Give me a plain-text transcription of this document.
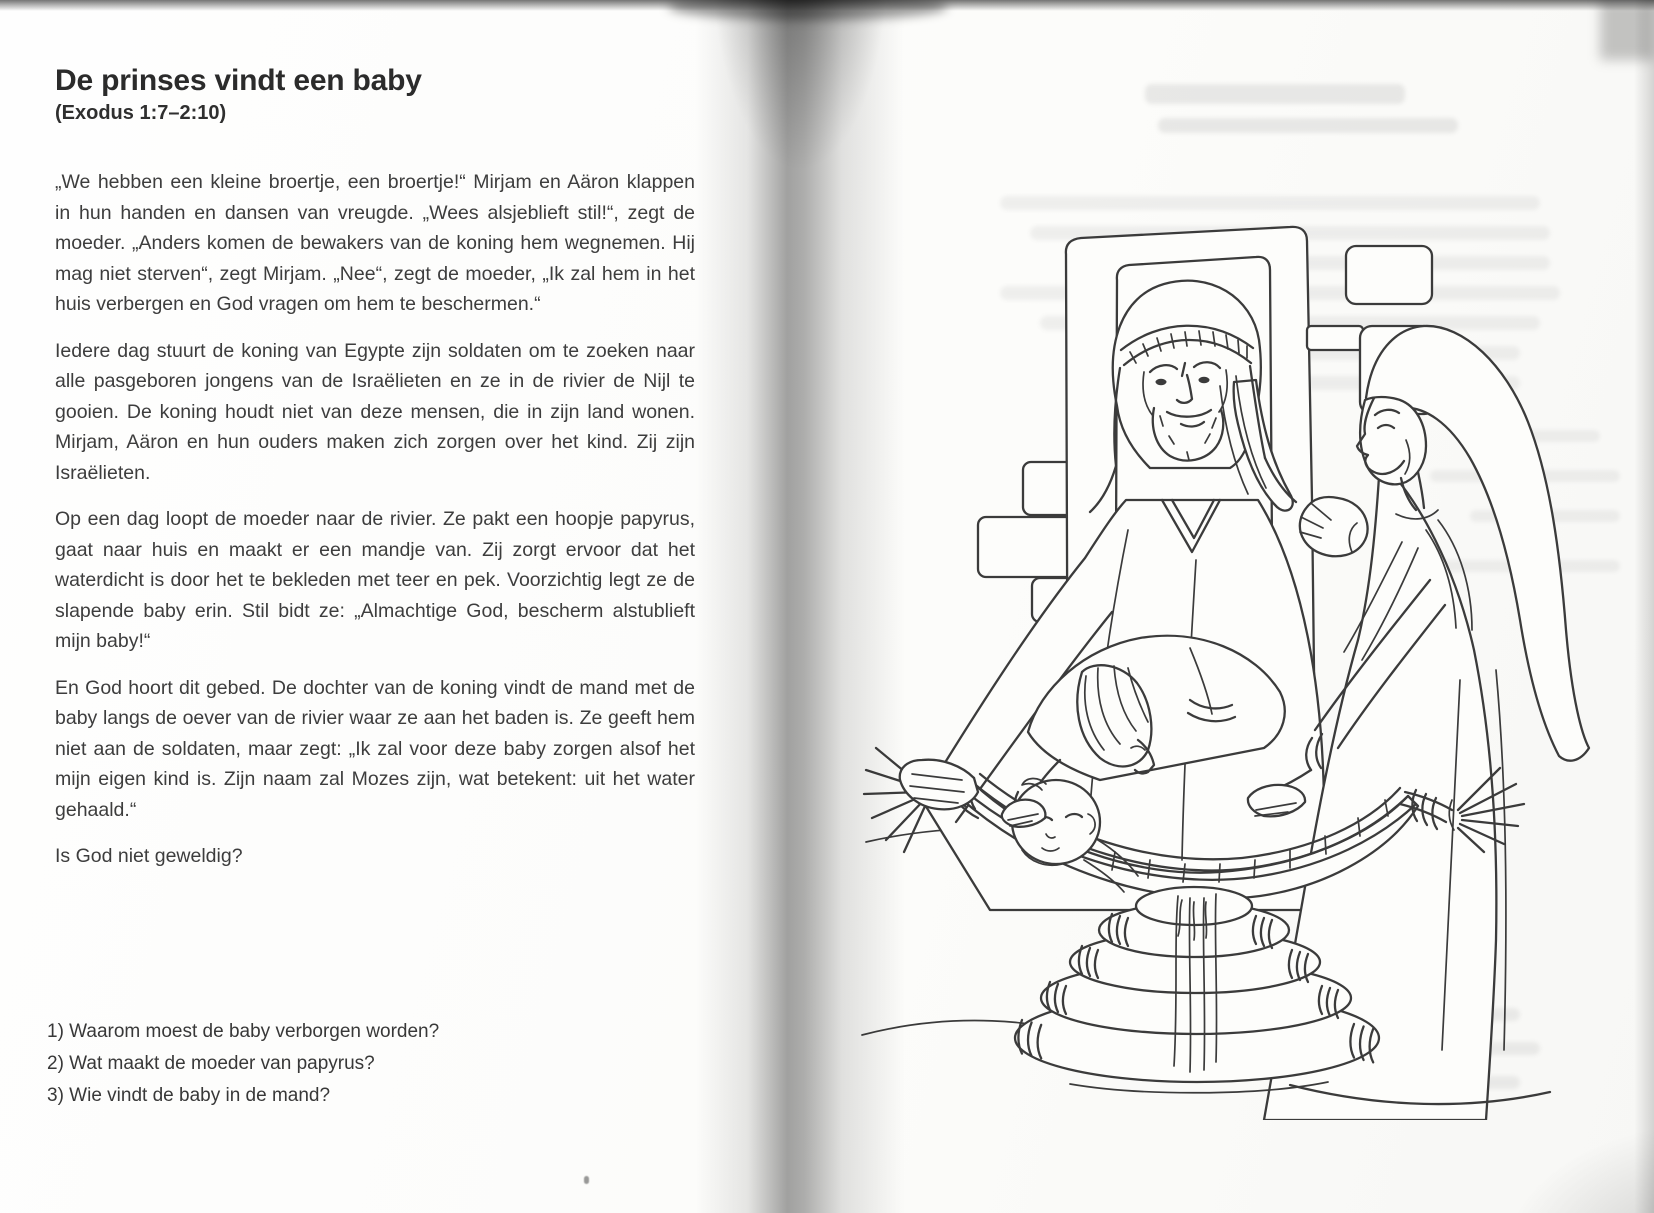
De prinses vindt een baby

(Exodus 1:7–2:10)

„We hebben een kleine broertje, een broertje!“ Mirjam en Aäron klappen in hun handen en dansen van vreugde. „Wees alsjeblieft stil!“, zegt de moeder. „Anders komen de bewakers van de koning hem wegnemen. Hij mag niet sterven“, zegt Mirjam. „Nee“, zegt de moeder, „Ik zal hem in het huis verbergen en God vragen om hem te beschermen.“

Iedere dag stuurt de koning van Egypte zijn soldaten om te zoeken naar alle pasgeboren jongens van de Israëlieten en ze in de rivier de Nijl te gooien. De koning houdt niet van deze mensen, die in zijn land wonen. Mirjam, Aäron en hun ouders maken zich zorgen over het kind. Zij zijn Israëlieten.

Op een dag loopt de moeder naar de rivier. Ze pakt een hoopje papyrus, gaat naar huis en maakt er een mandje van. Zij zorgt ervoor dat het waterdicht is door het te bekleden met teer en pek. Voorzichtig legt ze de slapende baby erin. Stil bidt ze: „Almachtige God, bescherm alstublieft mijn baby!“

En God hoort dit gebed. De dochter van de koning vindt de mand met de baby langs de oever van de rivier waar ze aan het baden is. Ze geeft hem niet aan de soldaten, maar zegt: „Ik zal voor deze baby zorgen alsof het mijn eigen kind is. Zijn naam zal Mozes zijn, wat betekent: uit het water gehaald.“

Is God niet geweldig?

1) Waarom moest de baby verborgen worden?
2) Wat maakt de moeder van papyrus?
3) Wie vindt de baby in de mand?
